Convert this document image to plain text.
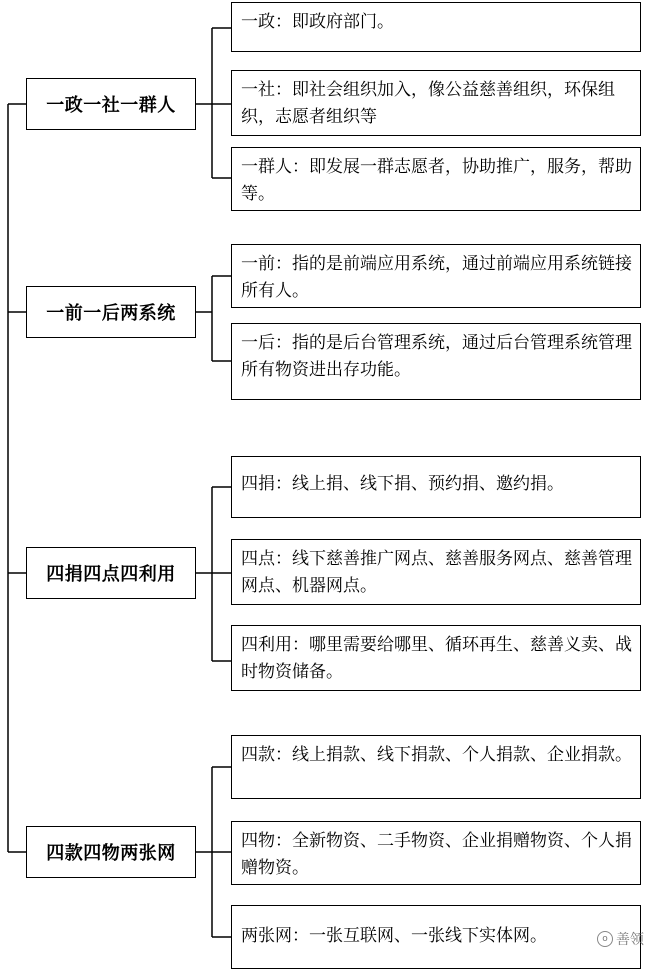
一政一社一群人
一前一后两系统
四捐四点四利用
四款四物两张网
一政：即政府部门。
一社：即社会组织加入，像公益慈善组织，环保组织，志愿者组织等
一群人：即发展一群志愿者，协助推广，服务，帮助等。
一前：指的是前端应用系统，通过前端应用系统链接所有人。
一后：指的是后台管理系统，通过后台管理系统管理所有物资进出存功能。
四捐：线上捐、线下捐、预约捐、邀约捐。
四点：线下慈善推广网点、慈善服务网点、慈善管理网点、机器网点。
四利用：哪里需要给哪里、循环再生、慈善义卖、战时物资储备。
四款：线上捐款、线下捐款、个人捐款、企业捐款。
四物：全新物资、二手物资、企业捐赠物资、个人捐赠物资。
两张网：一张互联网、一张线下实体网。	o 善领
